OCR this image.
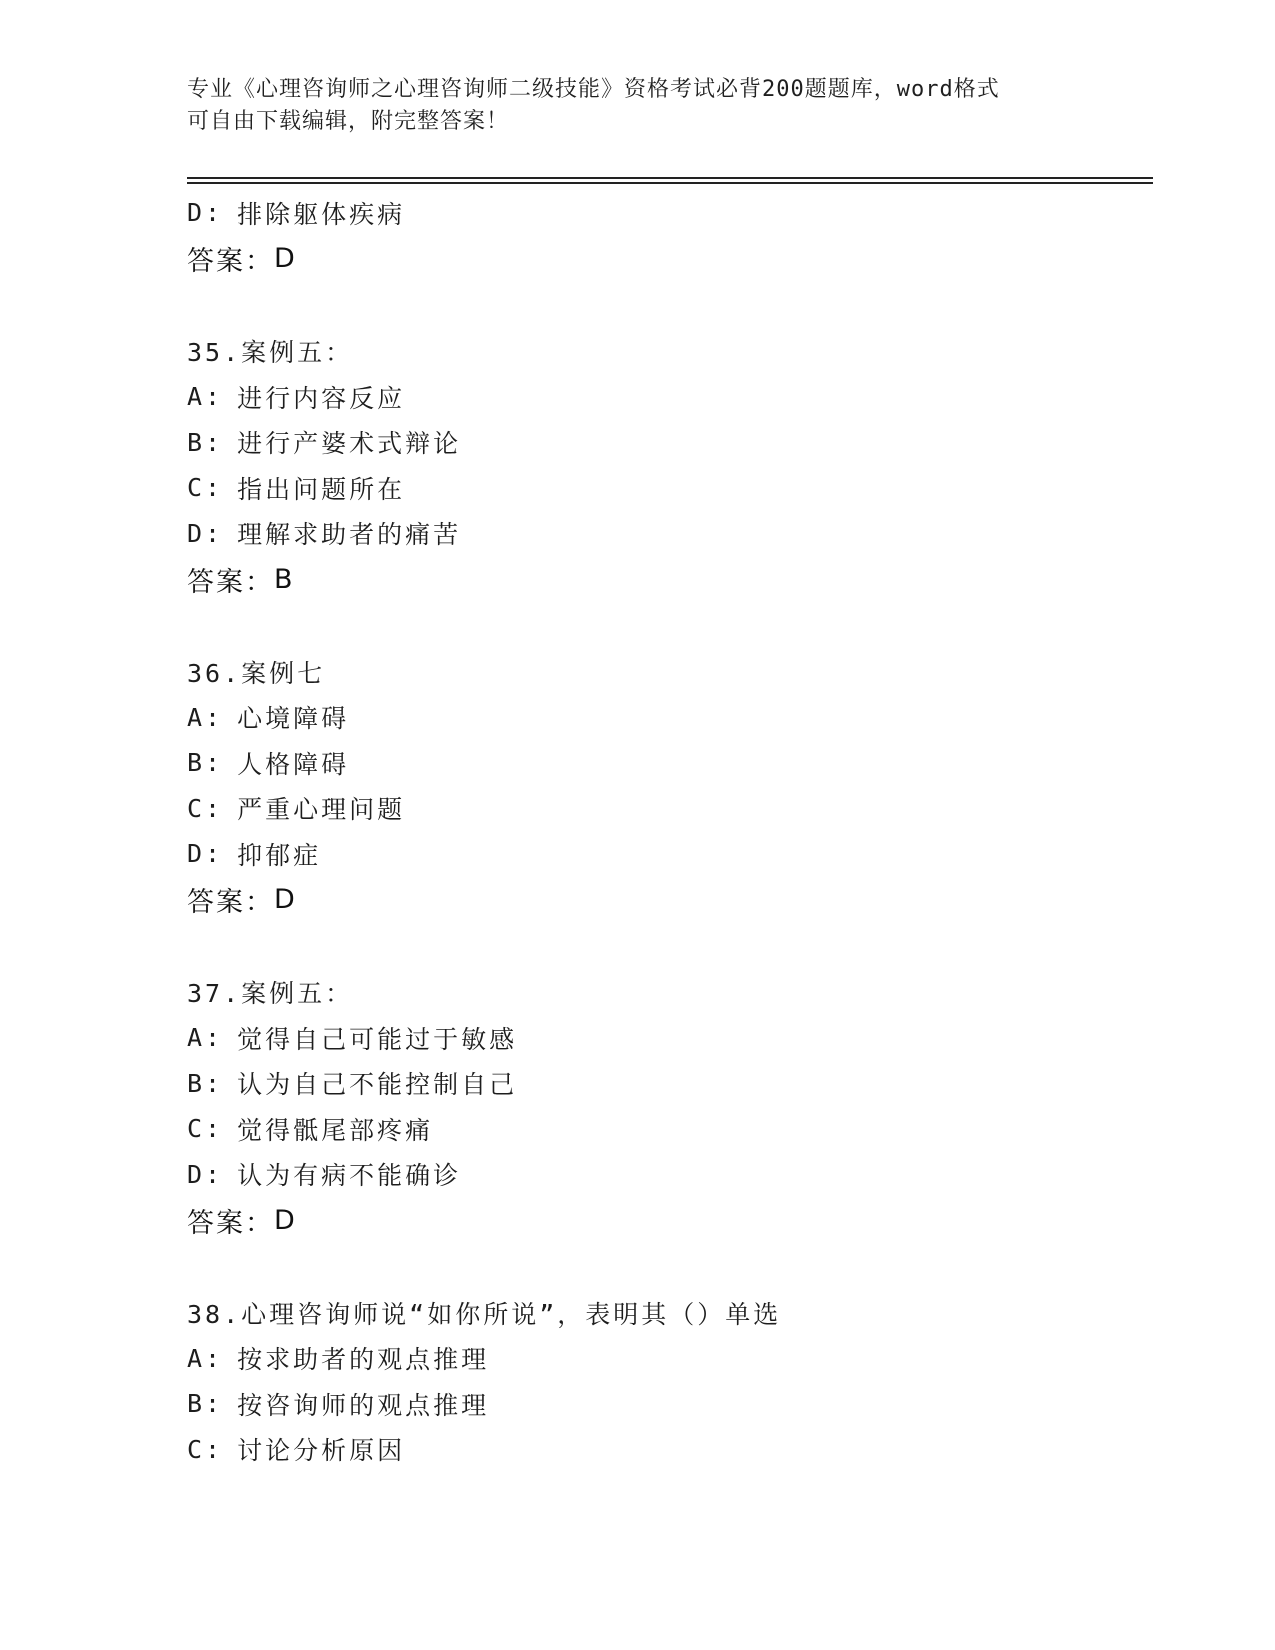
专业《心理咨询师之心理咨询师二级技能》资格考试必背200题题库，word格式
可自由下载编辑，附完整答案！
D: 排除躯体疾病
答案： D
35.案例五：
A: 进行内容反应
B: 进行产婆术式辩论
C: 指出问题所在
D: 理解求助者的痛苦
答案： B
36.案例七
A: 心境障碍
B: 人格障碍
C: 严重心理问题
D: 抑郁症
答案： D
37.案例五：
A: 觉得自己可能过于敏感
B: 认为自己不能控制自己
C: 觉得骶尾部疼痛
D: 认为有病不能确诊
答案： D
38.心理咨询师说“如你所说”，表明其（）单选
A: 按求助者的观点推理
B: 按咨询师的观点推理
C: 讨论分析原因
